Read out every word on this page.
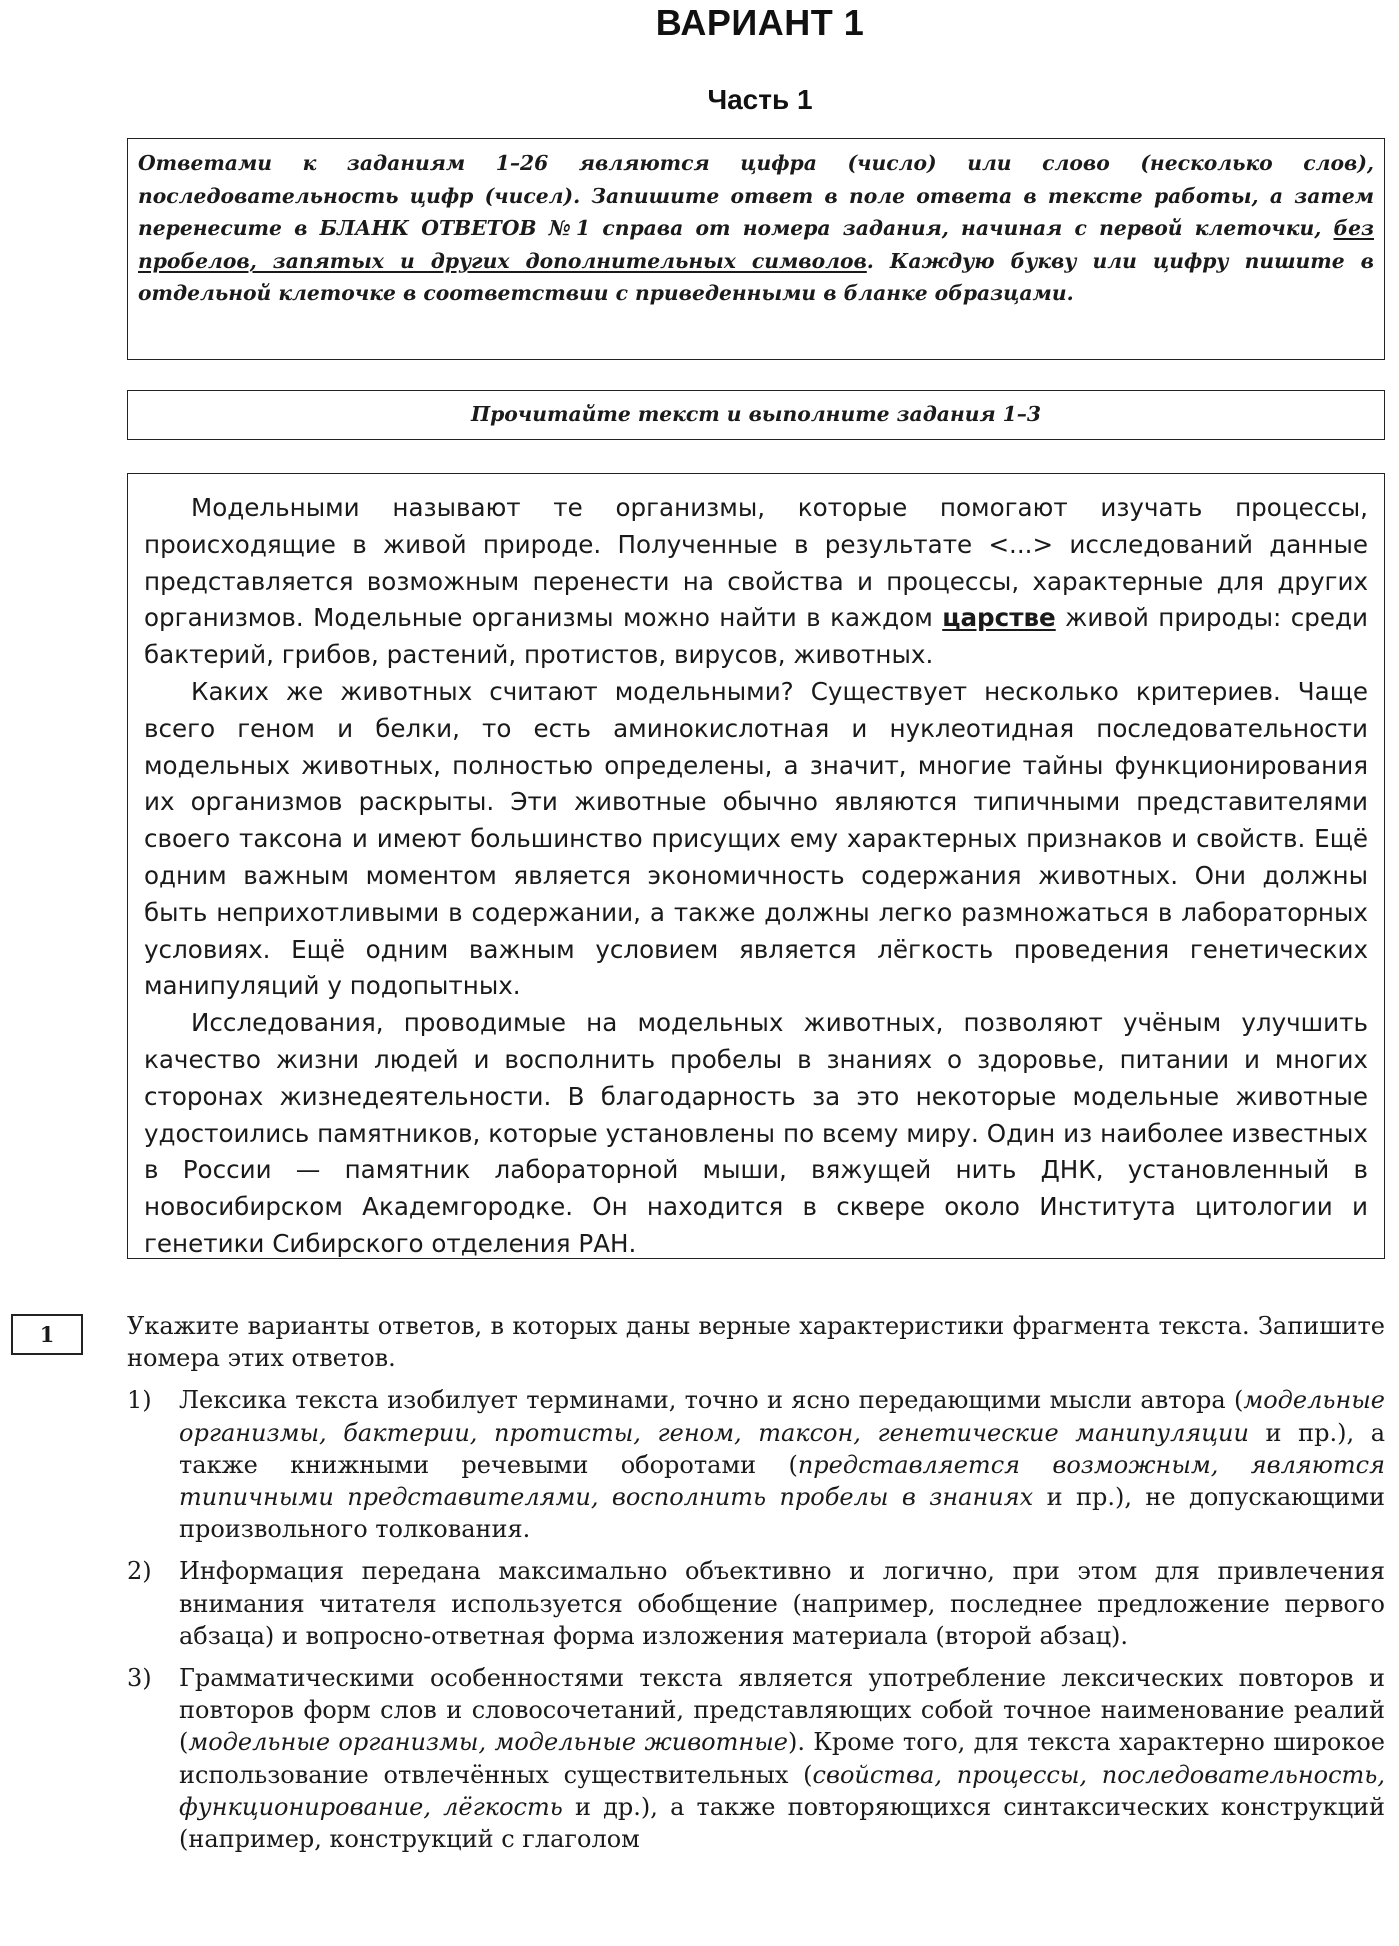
ВАРИАНТ 1
Часть 1
Ответами к заданиям 1–26 являются цифра (число) или слово (несколько слов), последовательность цифр (чисел). Запишите ответ в поле ответа в тексте работы, а затем перенесите в БЛАНК ОТВЕТОВ №1 справа от номера задания, начиная с первой клеточки, без пробелов, запятых и других дополнительных символов. Каждую букву или цифру пишите в отдельной клеточке в соответствии с приведенными в бланке образцами.
Прочитайте текст и выполните задания 1–3

Модельными называют те организмы, которые помогают изучать процессы, происходящие в живой природе. Полученные в результате <...> исследований данные представляется возможным перенести на свойства и процессы, характерные для других организмов. Модельные организмы можно найти в каждом царстве живой природы: среди бактерий, грибов, растений, протистов, вирусов, животных.

Каких же животных считают модельными? Существует несколько критериев. Чаще всего геном и белки, то есть аминокислотная и нуклеотидная последовательности модельных животных, полностью определены, а значит, многие тайны функционирования их организмов раскрыты. Эти животные обычно являются типичными представителями своего таксона и имеют большинство присущих ему характерных признаков и свойств. Ещё одним важным моментом является экономичность содержания животных. Они должны быть неприхотливыми в содержании, а также должны легко размножаться в лабораторных условиях. Ещё одним важным условием является лёгкость проведения генетических манипуляций у подопытных.

Исследования, проводимые на модельных животных, позволяют учёным улучшить качество жизни людей и восполнить пробелы в знаниях о здоровье, питании и многих сторонах жизнедеятельности. В благодарность за это некоторые модельные животные удостоились памятников, которые установлены по всему миру. Один из наиболее известных в России — памятник лабораторной мыши, вяжущей нить ДНК, установленный в новосибирском Академгородке. Он находится в сквере около Института цитологии и генетики Сибирского отделения РАН.

1	Укажите варианты ответов, в которых даны верные характеристики фрагмента текста. Запишите номера этих ответов.

1) Лексика текста изобилует терминами, точно и ясно передающими мысли автора (модельные организмы, бактерии, протисты, геном, таксон, генетические манипуляции и пр.), а также книжными речевыми оборотами (представляется возможным, являются типичными представителями, восполнить пробелы в знаниях и пр.), не допускающими произвольного толкования.
2) Информация передана максимально объективно и логично, при этом для привлечения внимания читателя используется обобщение (например, последнее предложение первого абзаца) и вопросно-ответная форма изложения материала (второй абзац).
3) Грамматическими особенностями текста является употребление лексических повторов и повторов форм слов и словосочетаний, представляющих собой точное наименование реалий (модельные организмы, модельные животные). Кроме того, для текста характерно широкое использование отвлечённых существительных (свойства, процессы, последовательность, функционирование, лёгкость и др.), а также повторяющихся синтаксических конструкций (например, конструкций с глаголом
